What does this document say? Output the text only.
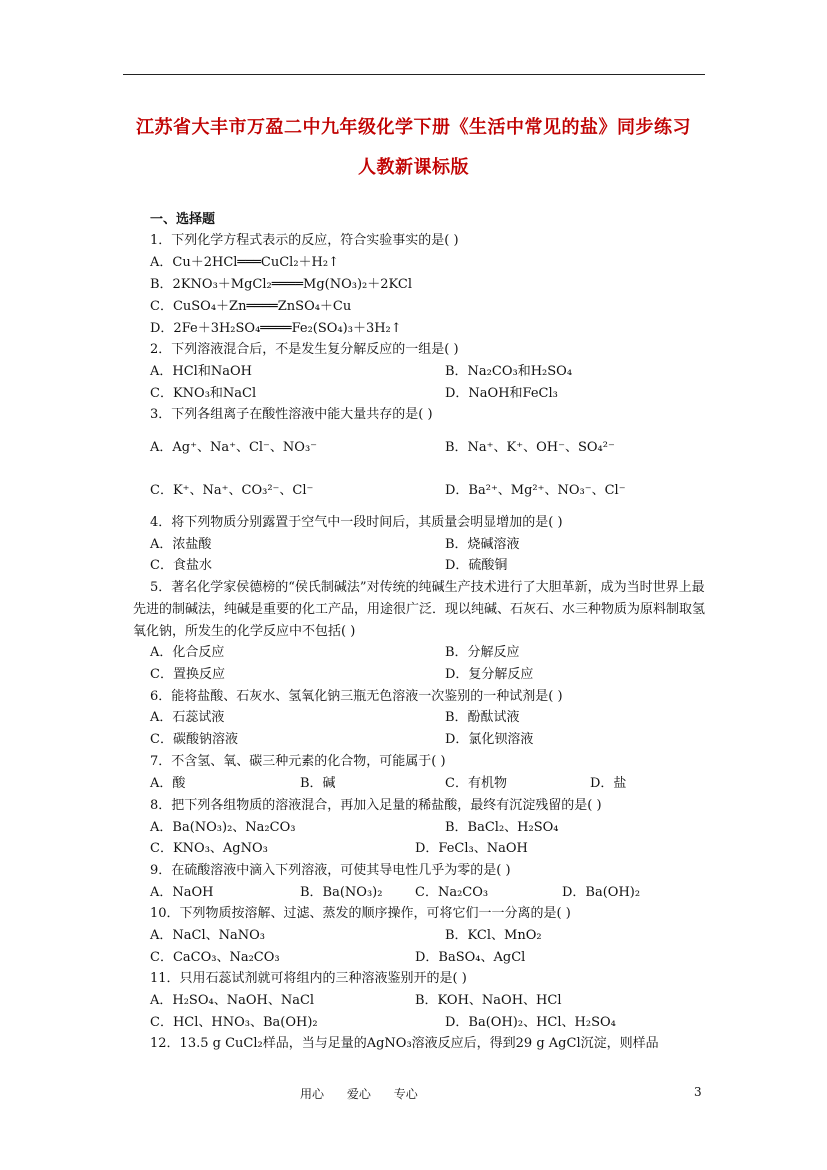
江苏省大丰市万盈二中九年级化学下册《生活中常见的盐》同步练习
人教新课标版
一、选择题
1．下列化学方程式表示的反应，符合实验事实的是( )
A．Cu＋2HCl═══CuCl₂＋H₂↑
B．2KNO₃＋MgCl₂════Mg(NO₃)₂＋2KCl
C．CuSO₄＋Zn════ZnSO₄＋Cu
D．2Fe＋3H₂SO₄════Fe₂(SO₄)₃＋3H₂↑
2．下列溶液混合后，不是发生复分解反应的一组是( )
A．HCl和NaOH	B．Na₂CO₃和H₂SO₄
C．KNO₃和NaCl	D．NaOH和FeCl₃
3．下列各组离子在酸性溶液中能大量共存的是( )
A．Ag⁺、Na⁺、Cl⁻、NO₃⁻	B．Na⁺、K⁺、OH⁻、SO₄²⁻
C．K⁺、Na⁺、CO₃²⁻、Cl⁻	D．Ba²⁺、Mg²⁺、NO₃⁻、Cl⁻
4．将下列物质分别露置于空气中一段时间后，其质量会明显增加的是( )
A．浓盐酸	B．烧碱溶液
C．食盐水	D．硫酸铜
5．著名化学家侯德榜的“侯氏制碱法”对传统的纯碱生产技术进行了大胆革新，成为当时世界上最先进的制碱法，纯碱是重要的化工产品，用途很广泛．现以纯碱、石灰石、水三种物质为原料制取氢氧化钠，所发生的化学反应中不包括( )
A．化合反应	B．分解反应
C．置换反应	D．复分解反应
6．能将盐酸、石灰水、氢氧化钠三瓶无色溶液一次鉴别的一种试剂是( )
A．石蕊试液	B．酚酞试液
C．碳酸钠溶液	D．氯化钡溶液
7．不含氢、氧、碳三种元素的化合物，可能属于( )
A．酸	B．碱	C．有机物	D．盐
8．把下列各组物质的溶液混合，再加入足量的稀盐酸，最终有沉淀残留的是( )
A．Ba(NO₃)₂、Na₂CO₃	B．BaCl₂、H₂SO₄
C．KNO₃、AgNO₃	D．FeCl₃、NaOH
9．在硫酸溶液中滴入下列溶液，可使其导电性几乎为零的是( )
A．NaOH	B．Ba(NO₃)₂	C．Na₂CO₃	D．Ba(OH)₂
10．下列物质按溶解、过滤、蒸发的顺序操作，可将它们一一分离的是( )
A．NaCl、NaNO₃	B．KCl、MnO₂
C．CaCO₃、Na₂CO₃	D．BaSO₄、AgCl
11．只用石蕊试剂就可将组内的三种溶液鉴别开的是( )
A．H₂SO₄、NaOH、NaCl	B．KOH、NaOH、HCl
C．HCl、HNO₃、Ba(OH)₂	D．Ba(OH)₂、HCl、H₂SO₄
12．13.5 g CuCl₂样品，当与足量的AgNO₃溶液反应后，得到29 g AgCl沉淀，则样品
用心      爱心      专心	3
